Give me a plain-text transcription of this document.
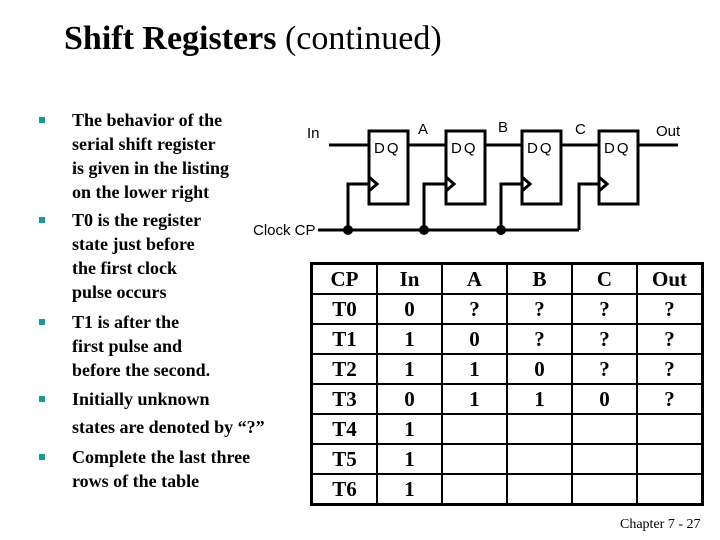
Shift Registers (continued)
The behavior of the
serial shift register
is given in the listing
on the lower right
T0 is the register
state just before
the first clock
pulse occurs
T1 is after the
first pulse and
before the second.
Initially unknown
states are denoted by “?”
Complete the last three
rows of the table
In
Clock CP
A	B	C	Out
DQ	DQ	DQ	DQ
CP	In	A	B	C	Out
T0	0	?	?	?	?
T1	1	0	?	?	?
T2	1	1	0	?	?
T3	0	1	1	0	?
T4	1				
T5	1				
T6	1				
Chapter 7 - 27
